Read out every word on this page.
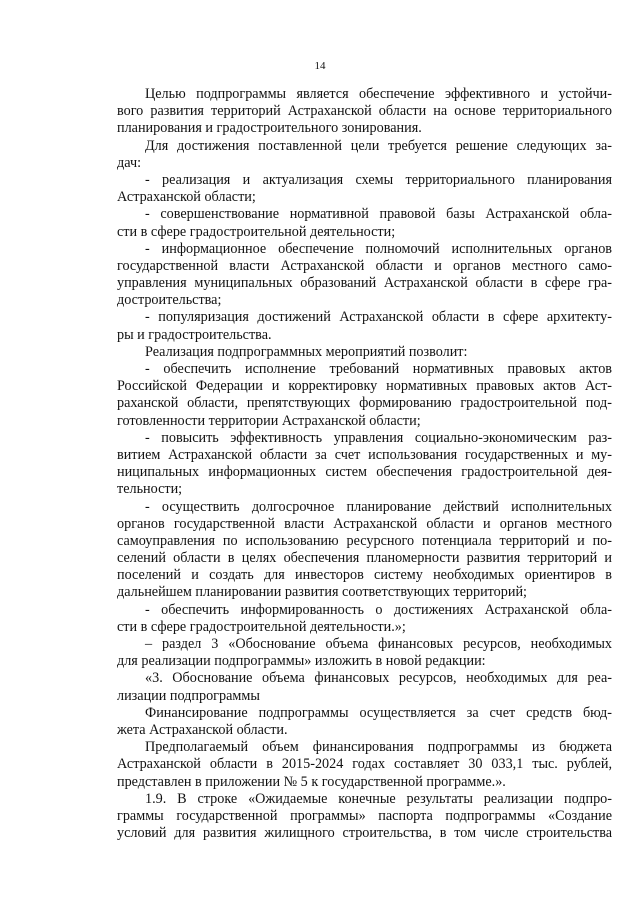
14
Целью подпрограммы является обеспечение эффективного и устойчи-
вого развития территорий Астраханской области на основе территориального
планирования и градостроительного зонирования.
Для достижения поставленной цели требуется решение следующих за-
дач:
- реализация и актуализация схемы территориального планирования
Астраханской области;
- совершенствование нормативной правовой базы Астраханской обла-
сти в сфере градостроительной деятельности;
- информационное обеспечение полномочий исполнительных органов
государственной власти Астраханской области и органов местного само-
управления муниципальных образований Астраханской области в сфере гра-
достроительства;
- популяризация достижений Астраханской области в сфере архитекту-
ры и градостроительства.
Реализация подпрограммных мероприятий позволит:
- обеспечить исполнение требований нормативных правовых актов
Российской Федерации и корректировку нормативных правовых актов Аст-
раханской области, препятствующих формированию градостроительной под-
готовленности территории Астраханской области;
- повысить эффективность управления социально-экономическим раз-
витием Астраханской области за счет использования государственных и му-
ниципальных информационных систем обеспечения градостроительной дея-
тельности;
- осуществить долгосрочное планирование действий исполнительных
органов государственной власти Астраханской области и органов местного
самоуправления по использованию ресурсного потенциала территорий и по-
селений области в целях обеспечения планомерности развития территорий и
поселений и создать для инвесторов систему необходимых ориентиров в
дальнейшем планировании развития соответствующих территорий;
- обеспечить информированность о достижениях Астраханской обла-
сти в сфере градостроительной деятельности.»;
– раздел 3 «Обоснование объема финансовых ресурсов, необходимых
для реализации подпрограммы» изложить в новой редакции:
«3. Обоснование объема финансовых ресурсов, необходимых для реа-
лизации подпрограммы
Финансирование подпрограммы осуществляется за счет средств бюд-
жета Астраханской области.
Предполагаемый объем финансирования подпрограммы из бюджета
Астраханской области в 2015-2024 годах составляет 30 033,1 тыс. рублей,
представлен в приложении № 5 к государственной программе.».
1.9. В строке «Ожидаемые конечные результаты реализации подпро-
граммы государственной программы» паспорта подпрограммы «Создание
условий для развития жилищного строительства, в том числе строительства
